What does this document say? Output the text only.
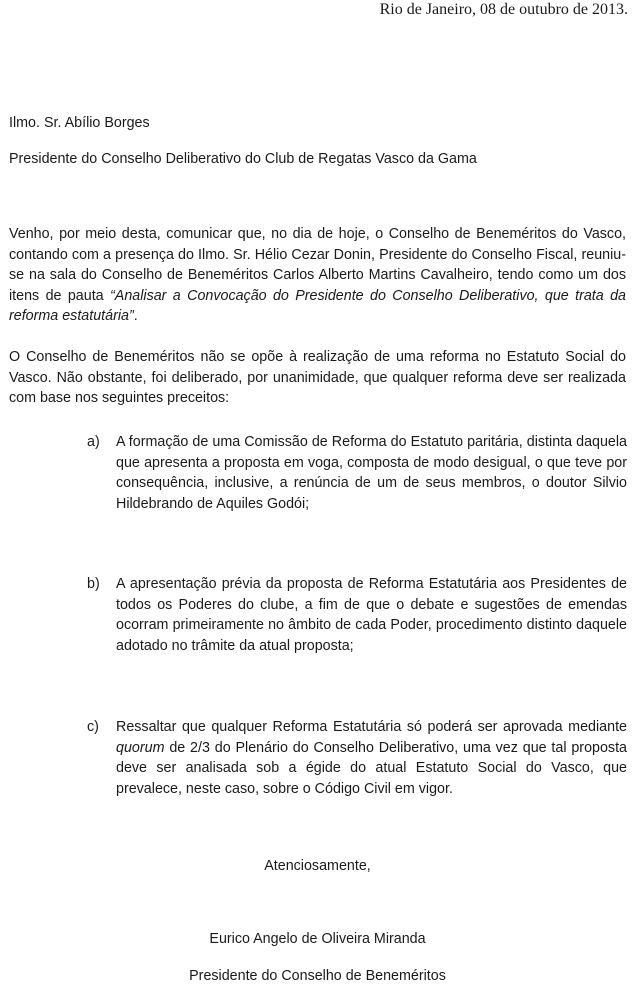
Rio de Janeiro, 08 de outubro de 2013.
Ilmo. Sr. Abílio Borges
Presidente do Conselho Deliberativo do Club de Regatas Vasco da Gama
Venho, por meio desta, comunicar que, no dia de hoje, o Conselho de Beneméritos do Vasco, contando com a presença do Ilmo. Sr. Hélio Cezar Donin, Presidente do Conselho Fiscal, reuniu-se na sala do Conselho de Beneméritos Carlos Alberto Martins Cavalheiro, tendo como um dos itens de pauta “Analisar a Convocação do Presidente do Conselho Deliberativo, que trata da reforma estatutária”.
O Conselho de Beneméritos não se opõe à realização de uma reforma no Estatuto Social do Vasco. Não obstante, foi deliberado, por unanimidade, que qualquer reforma deve ser realizada com base nos seguintes preceitos:
a) A formação de uma Comissão de Reforma do Estatuto paritária, distinta daquela que apresenta a proposta em voga, composta de modo desigual, o que teve por consequência, inclusive, a renúncia de um de seus membros, o doutor Silvio Hildebrando de Aquiles Godói;
b) A apresentação prévia da proposta de Reforma Estatutária aos Presidentes de todos os Poderes do clube, a fim de que o debate e sugestões de emendas ocorram primeiramente no âmbito de cada Poder, procedimento distinto daquele adotado no trâmite da atual proposta;
c) Ressaltar que qualquer Reforma Estatutária só poderá ser aprovada mediante quorum de 2/3 do Plenário do Conselho Deliberativo, uma vez que tal proposta deve ser analisada sob a égide do atual Estatuto Social do Vasco, que prevalece, neste caso, sobre o Código Civil em vigor.
Atenciosamente,
Eurico Angelo de Oliveira Miranda
Presidente do Conselho de Beneméritos
